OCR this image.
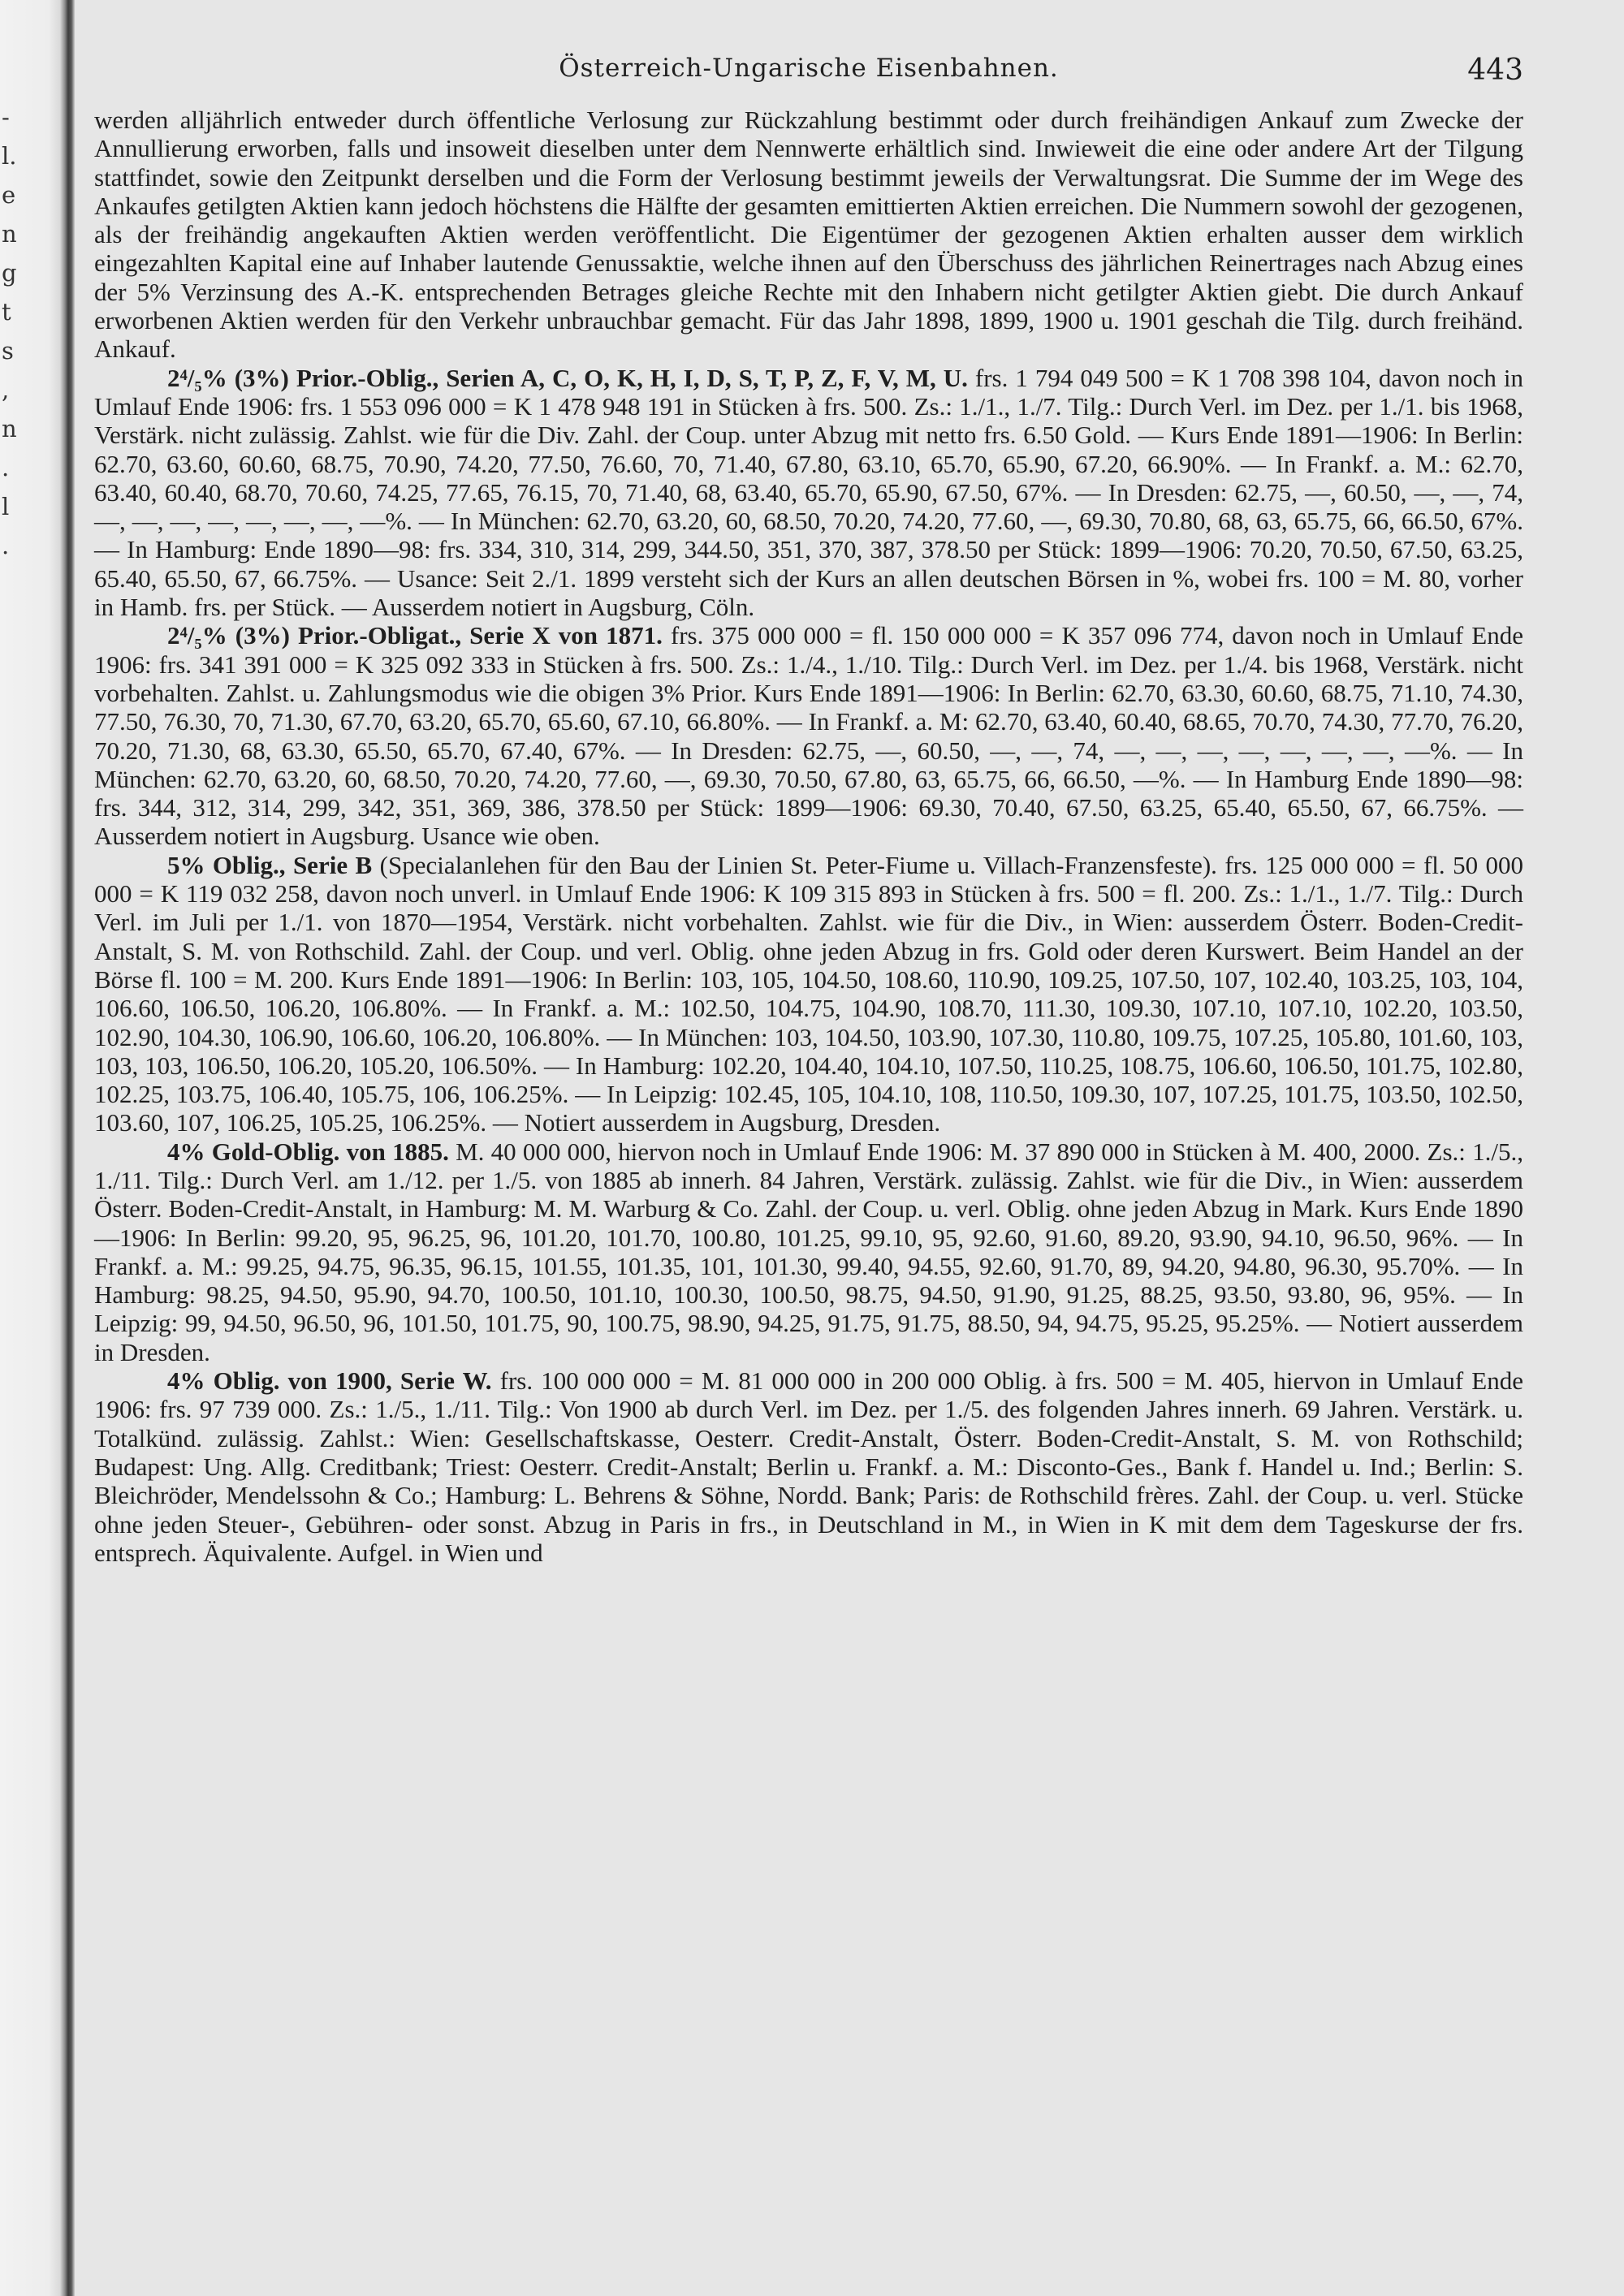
-
l.
e
n
g
t
s
,
n
.
l
.
Österreich-Ungarische Eisenbahnen.	443

werden alljährlich entweder durch öffentliche Verlosung zur Rückzahlung bestimmt oder durch freihändigen Ankauf zum Zwecke der Annullierung erworben, falls und insoweit dieselben unter dem Nennwerte erhältlich sind. Inwieweit die eine oder andere Art der Tilgung stattfindet, sowie den Zeitpunkt derselben und die Form der Verlosung bestimmt jeweils der Verwaltungsrat. Die Summe der im Wege des Ankaufes getilgten Aktien kann jedoch höchstens die Hälfte der gesamten emittierten Aktien erreichen. Die Nummern sowohl der gezogenen, als der freihändig angekauften Aktien werden veröffentlicht. Die Eigentümer der gezogenen Aktien erhalten ausser dem wirklich eingezahlten Kapital eine auf Inhaber lautende Genussaktie, welche ihnen auf den Überschuss des jährlichen Reinertrages nach Abzug eines der 5% Verzinsung des A.-K. entsprechenden Betrages gleiche Rechte mit den Inhabern nicht getilgter Aktien giebt. Die durch Ankauf erworbenen Aktien werden für den Verkehr unbrauchbar gemacht. Für das Jahr 1898, 1899, 1900 u. 1901 geschah die Tilg. durch freihänd. Ankauf.

2⁴/₅% (3%) Prior.-Oblig., Serien A, C, O, K, H, I, D, S, T, P, Z, F, V, M, U. frs. 1 794 049 500 = K 1 708 398 104, davon noch in Umlauf Ende 1906: frs. 1 553 096 000 = K 1 478 948 191 in Stücken à frs. 500. Zs.: 1./1., 1./7. Tilg.: Durch Verl. im Dez. per 1./1. bis 1968, Verstärk. nicht zulässig. Zahlst. wie für die Div. Zahl. der Coup. unter Abzug mit netto frs. 6.50 Gold. — Kurs Ende 1891—1906: In Berlin: 62.70, 63.60, 60.60, 68.75, 70.90, 74.20, 77.50, 76.60, 70, 71.40, 67.80, 63.10, 65.70, 65.90, 67.20, 66.90%. — In Frankf. a. M.: 62.70, 63.40, 60.40, 68.70, 70.60, 74.25, 77.65, 76.15, 70, 71.40, 68, 63.40, 65.70, 65.90, 67.50, 67%. — In Dresden: 62.75, —, 60.50, —, —, 74, —, —, —, —, —, —, —, —%. — In München: 62.70, 63.20, 60, 68.50, 70.20, 74.20, 77.60, —, 69.30, 70.80, 68, 63, 65.75, 66, 66.50, 67%. — In Hamburg: Ende 1890—98: frs. 334, 310, 314, 299, 344.50, 351, 370, 387, 378.50 per Stück: 1899—1906: 70.20, 70.50, 67.50, 63.25, 65.40, 65.50, 67, 66.75%. — Usance: Seit 2./1. 1899 versteht sich der Kurs an allen deutschen Börsen in %, wobei frs. 100 = M. 80, vorher in Hamb. frs. per Stück. — Ausserdem notiert in Augsburg, Cöln.

2⁴/₅% (3%) Prior.-Obligat., Serie X von 1871. frs. 375 000 000 = fl. 150 000 000 = K 357 096 774, davon noch in Umlauf Ende 1906: frs. 341 391 000 = K 325 092 333 in Stücken à frs. 500. Zs.: 1./4., 1./10. Tilg.: Durch Verl. im Dez. per 1./4. bis 1968, Verstärk. nicht vorbehalten. Zahlst. u. Zahlungsmodus wie die obigen 3% Prior. Kurs Ende 1891—1906: In Berlin: 62.70, 63.30, 60.60, 68.75, 71.10, 74.30, 77.50, 76.30, 70, 71.30, 67.70, 63.20, 65.70, 65.60, 67.10, 66.80%. — In Frankf. a. M: 62.70, 63.40, 60.40, 68.65, 70.70, 74.30, 77.70, 76.20, 70.20, 71.30, 68, 63.30, 65.50, 65.70, 67.40, 67%. — In Dresden: 62.75, —, 60.50, —, —, 74, —, —, —, —, —, —, —, —%. — In München: 62.70, 63.20, 60, 68.50, 70.20, 74.20, 77.60, —, 69.30, 70.50, 67.80, 63, 65.75, 66, 66.50, —%. — In Hamburg Ende 1890—98: frs. 344, 312, 314, 299, 342, 351, 369, 386, 378.50 per Stück: 1899—1906: 69.30, 70.40, 67.50, 63.25, 65.40, 65.50, 67, 66.75%. — Ausserdem notiert in Augsburg. Usance wie oben.

5% Oblig., Serie B (Specialanlehen für den Bau der Linien St. Peter-Fiume u. Villach-Franzensfeste). frs. 125 000 000 = fl. 50 000 000 = K 119 032 258, davon noch unverl. in Umlauf Ende 1906: K 109 315 893 in Stücken à frs. 500 = fl. 200. Zs.: 1./1., 1./7. Tilg.: Durch Verl. im Juli per 1./1. von 1870—1954, Verstärk. nicht vorbehalten. Zahlst. wie für die Div., in Wien: ausserdem Österr. Boden-Credit-Anstalt, S. M. von Rothschild. Zahl. der Coup. und verl. Oblig. ohne jeden Abzug in frs. Gold oder deren Kurswert. Beim Handel an der Börse fl. 100 = M. 200. Kurs Ende 1891—1906: In Berlin: 103, 105, 104.50, 108.60, 110.90, 109.25, 107.50, 107, 102.40, 103.25, 103, 104, 106.60, 106.50, 106.20, 106.80%. — In Frankf. a. M.: 102.50, 104.75, 104.90, 108.70, 111.30, 109.30, 107.10, 107.10, 102.20, 103.50, 102.90, 104.30, 106.90, 106.60, 106.20, 106.80%. — In München: 103, 104.50, 103.90, 107.30, 110.80, 109.75, 107.25, 105.80, 101.60, 103, 103, 103, 106.50, 106.20, 105.20, 106.50%. — In Hamburg: 102.20, 104.40, 104.10, 107.50, 110.25, 108.75, 106.60, 106.50, 101.75, 102.80, 102.25, 103.75, 106.40, 105.75, 106, 106.25%. — In Leipzig: 102.45, 105, 104.10, 108, 110.50, 109.30, 107, 107.25, 101.75, 103.50, 102.50, 103.60, 107, 106.25, 105.25, 106.25%. — Notiert ausserdem in Augsburg, Dresden.

4% Gold-Oblig. von 1885. M. 40 000 000, hiervon noch in Umlauf Ende 1906: M. 37 890 000 in Stücken à M. 400, 2000. Zs.: 1./5., 1./11. Tilg.: Durch Verl. am 1./12. per 1./5. von 1885 ab innerh. 84 Jahren, Verstärk. zulässig. Zahlst. wie für die Div., in Wien: ausserdem Österr. Boden-Credit-Anstalt, in Hamburg: M. M. Warburg & Co. Zahl. der Coup. u. verl. Oblig. ohne jeden Abzug in Mark. Kurs Ende 1890—1906: In Berlin: 99.20, 95, 96.25, 96, 101.20, 101.70, 100.80, 101.25, 99.10, 95, 92.60, 91.60, 89.20, 93.90, 94.10, 96.50, 96%. — In Frankf. a. M.: 99.25, 94.75, 96.35, 96.15, 101.55, 101.35, 101, 101.30, 99.40, 94.55, 92.60, 91.70, 89, 94.20, 94.80, 96.30, 95.70%. — In Hamburg: 98.25, 94.50, 95.90, 94.70, 100.50, 101.10, 100.30, 100.50, 98.75, 94.50, 91.90, 91.25, 88.25, 93.50, 93.80, 96, 95%. — In Leipzig: 99, 94.50, 96.50, 96, 101.50, 101.75, 90, 100.75, 98.90, 94.25, 91.75, 91.75, 88.50, 94, 94.75, 95.25, 95.25%. — Notiert ausserdem in Dresden.

4% Oblig. von 1900, Serie W. frs. 100 000 000 = M. 81 000 000 in 200 000 Oblig. à frs. 500 = M. 405, hiervon in Umlauf Ende 1906: frs. 97 739 000. Zs.: 1./5., 1./11. Tilg.: Von 1900 ab durch Verl. im Dez. per 1./5. des folgenden Jahres innerh. 69 Jahren. Verstärk. u. Totalkünd. zulässig. Zahlst.: Wien: Gesellschaftskasse, Oesterr. Credit-Anstalt, Österr. Boden-Credit-Anstalt, S. M. von Rothschild; Budapest: Ung. Allg. Creditbank; Triest: Oesterr. Credit-Anstalt; Berlin u. Frankf. a. M.: Disconto-Ges., Bank f. Handel u. Ind.; Berlin: S. Bleichröder, Mendelssohn & Co.; Hamburg: L. Behrens & Söhne, Nordd. Bank; Paris: de Rothschild frères. Zahl. der Coup. u. verl. Stücke ohne jeden Steuer-, Gebühren- oder sonst. Abzug in Paris in frs., in Deutschland in M., in Wien in K mit dem dem Tageskurse der frs. entsprech. Äquivalente. Aufgel. in Wien und
